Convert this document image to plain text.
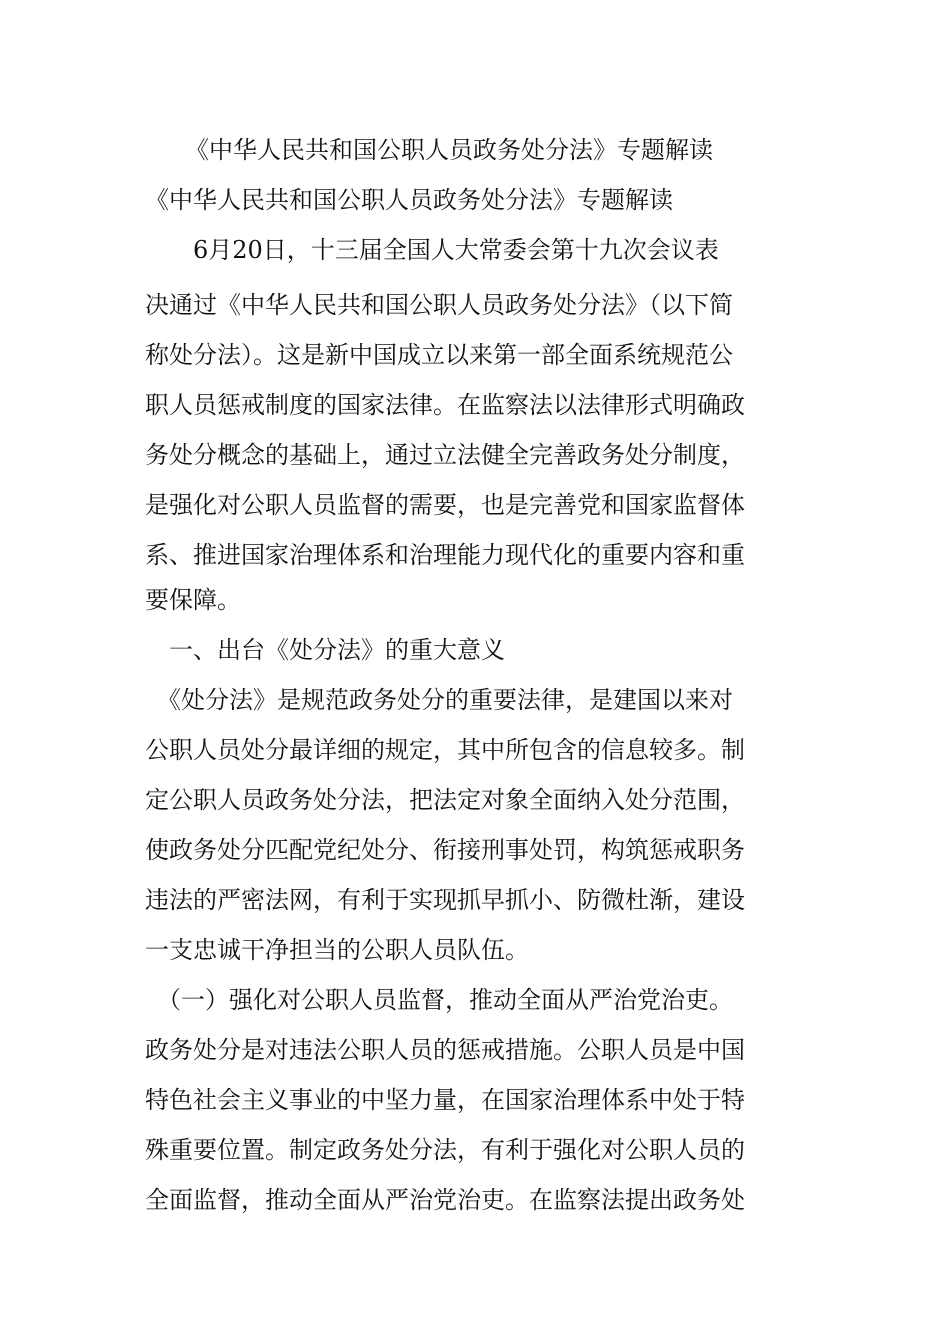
《中华人民共和国公职人员政务处分法》专题解读
《中华人民共和国公职人员政务处分法》专题解读
　　6月20日，十三届全国人大常委会第十九次会议表
决通过《中华人民共和国公职人员政务处分法》（以下简
称处分法）。这是新中国成立以来第一部全面系统规范公
职人员惩戒制度的国家法律。在监察法以法律形式明确政
务处分概念的基础上，通过立法健全完善政务处分制度，
是强化对公职人员监督的需要，也是完善党和国家监督体
系、推进国家治理体系和治理能力现代化的重要内容和重
要保障。
　一、出台《处分法》的重大意义
　《处分法》是规范政务处分的重要法律，是建国以来对
公职人员处分最详细的规定，其中所包含的信息较多。制
定公职人员政务处分法，把法定对象全面纳入处分范围，
使政务处分匹配党纪处分、衔接刑事处罚，构筑惩戒职务
违法的严密法网，有利于实现抓早抓小、防微杜渐，建设
一支忠诚干净担当的公职人员队伍。
　（一）强化对公职人员监督，推动全面从严治党治吏。
政务处分是对违法公职人员的惩戒措施。公职人员是中国
特色社会主义事业的中坚力量，在国家治理体系中处于特
殊重要位置。制定政务处分法，有利于强化对公职人员的
全面监督，推动全面从严治党治吏。在监察法提出政务处
